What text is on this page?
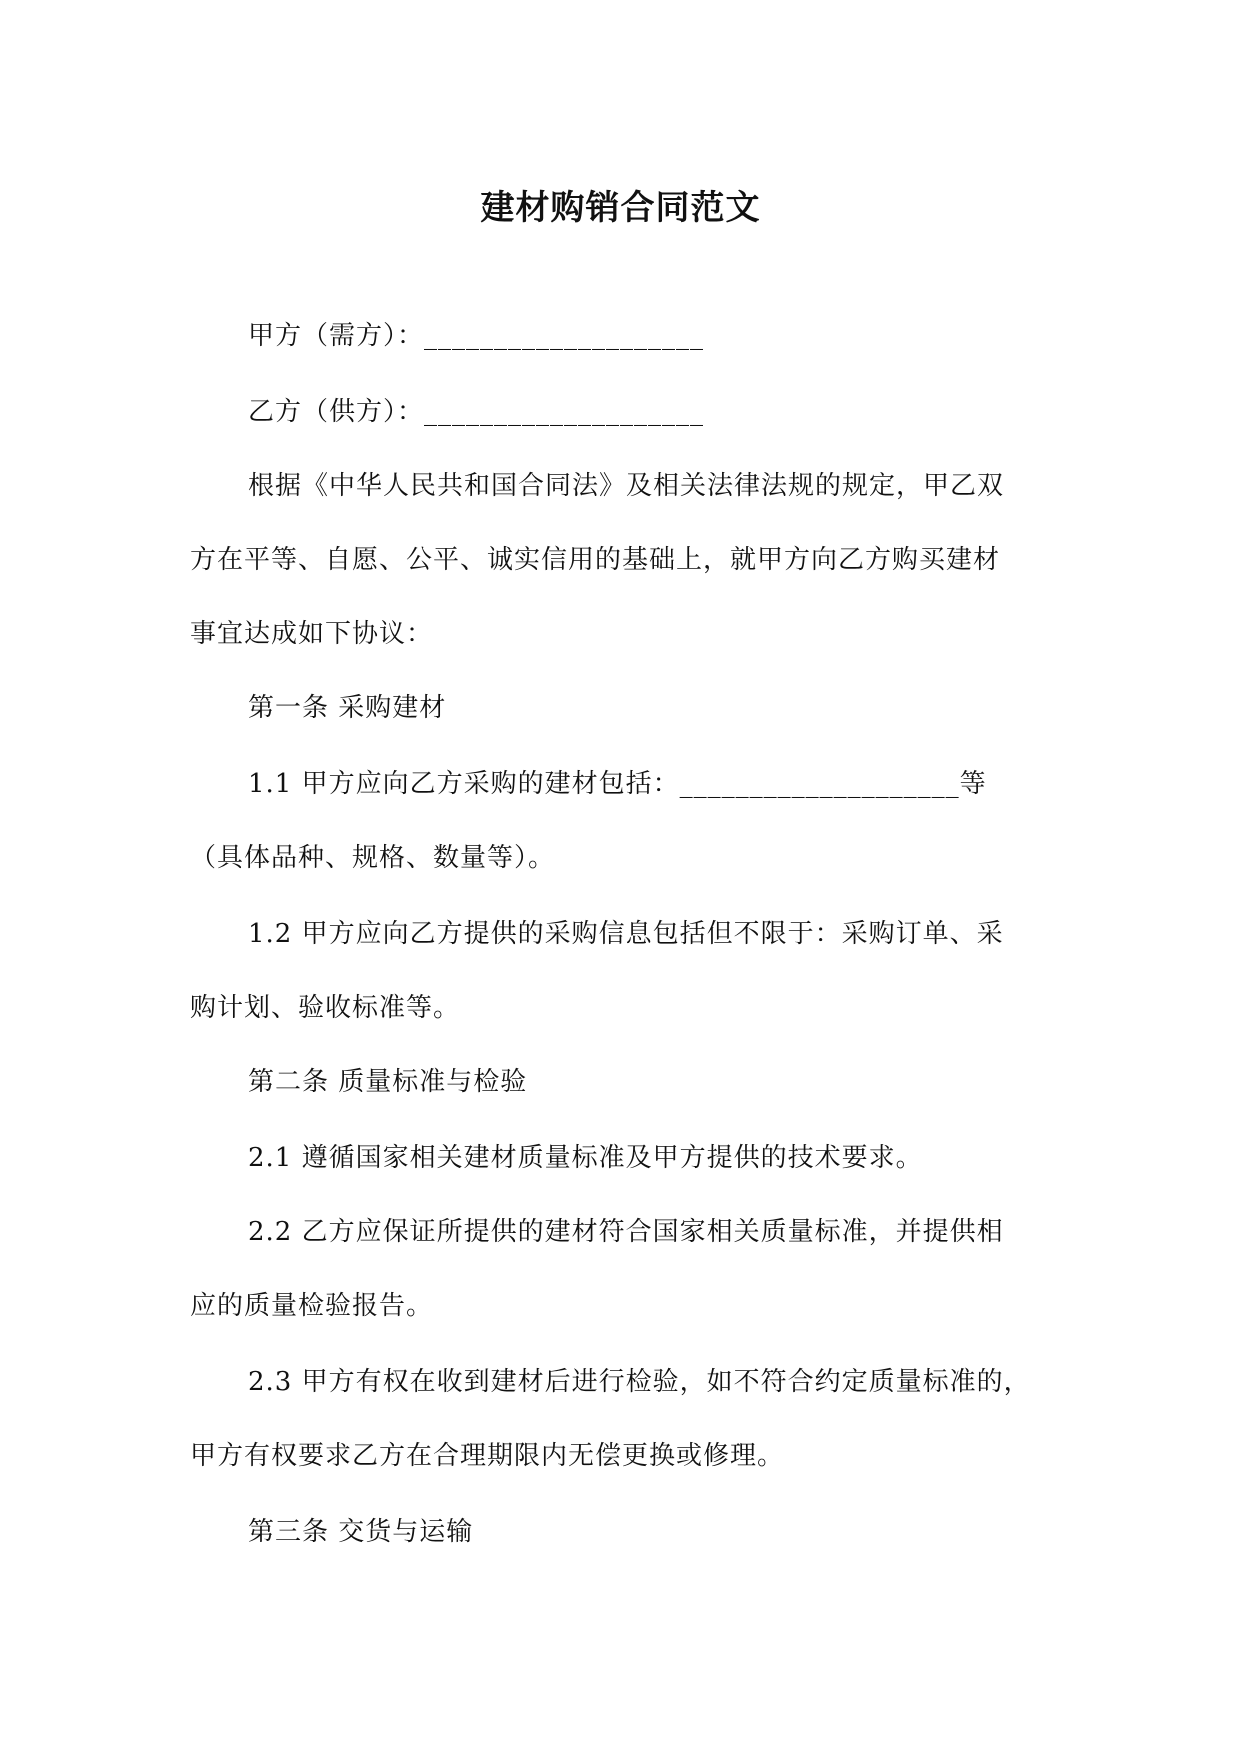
建材购销合同范文
甲方（需方）：____________________
乙方（供方）：____________________
根据《中华人民共和国合同法》及相关法律法规的规定，甲乙双
方在平等、自愿、公平、诚实信用的基础上，就甲方向乙方购买建材
事宜达成如下协议：
第一条 采购建材
1.1 甲方应向乙方采购的建材包括：____________________等
（具体品种、规格、数量等）。
1.2 甲方应向乙方提供的采购信息包括但不限于：采购订单、采
购计划、验收标准等。
第二条 质量标准与检验
2.1 遵循国家相关建材质量标准及甲方提供的技术要求。
2.2 乙方应保证所提供的建材符合国家相关质量标准，并提供相
应的质量检验报告。
2.3 甲方有权在收到建材后进行检验，如不符合约定质量标准的，
甲方有权要求乙方在合理期限内无偿更换或修理。
第三条 交货与运输
